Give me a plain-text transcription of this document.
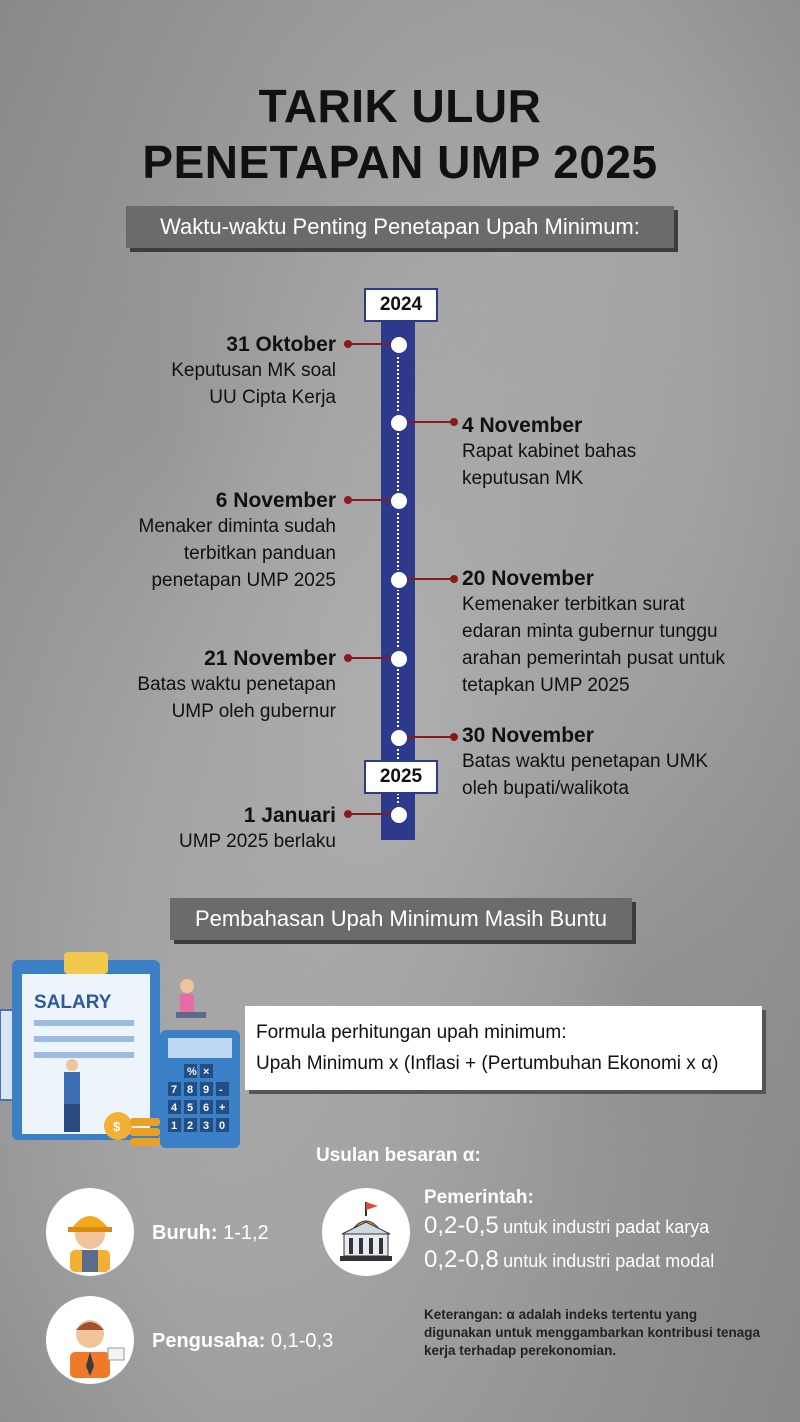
TARIK ULUR
PENETAPAN UMP 2025
Waktu-waktu Penting Penetapan Upah Minimum:
2024
2025
31 Oktober
Keputusan MK soal
UU Cipta Kerja
6 November
Menaker diminta sudah
terbitkan panduan
penetapan UMP 2025
21 November
Batas waktu penetapan
UMP oleh gubernur
1 Januari
UMP 2025 berlaku
4 November
Rapat kabinet bahas
keputusan MK
20 November
Kemenaker terbitkan surat
edaran minta gubernur tunggu
arahan pemerintah pusat untuk
tetapkan UMP 2025
30 November
Batas waktu penetapan UMK
oleh bupati/walikota
Pembahasan Upah Minimum Masih Buntu
SALARY
% ×
7 8 9 -
4 5 6 +
1 2 3 0
$
Formula perhitungan upah minimum:
Upah Minimum x (Inflasi + (Pertumbuhan Ekonomi x α)
Usulan besaran α:
Buruh: 1-1,2
Pengusaha: 0,1-0,3
Pemerintah:
0,2-0,5 untuk industri padat karya
0,2-0,8 untuk industri padat modal
Keterangan: α adalah indeks tertentu yang digunakan untuk menggambarkan kontribusi tenaga kerja terhadap perekonomian.
